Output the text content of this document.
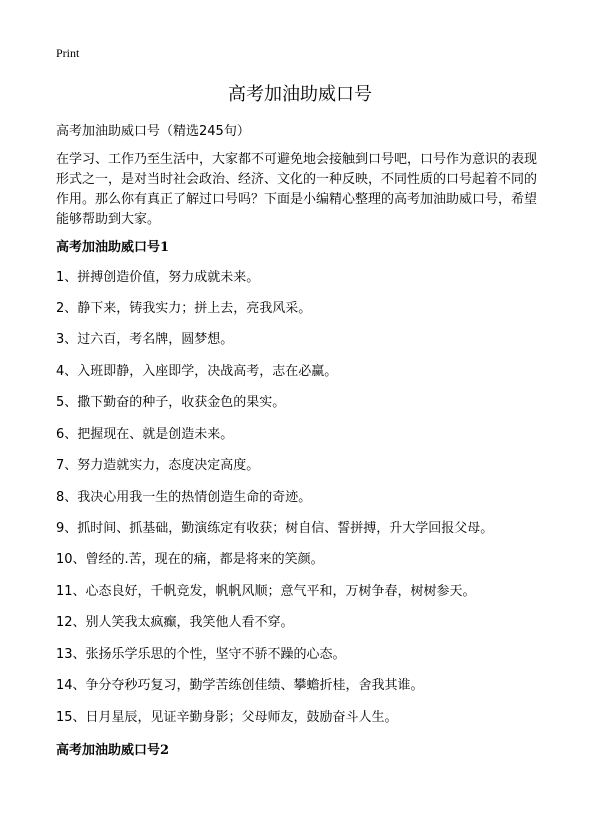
Print
高考加油助威口号
高考加油助威口号（精选245句）

在学习、工作乃至生活中，大家都不可避免地会接触到口号吧，口号作为意识的表现形式之一，是对当时社会政治、经济、文化的一种反映，不同性质的口号起着不同的作用。那么你有真正了解过口号吗？下面是小编精心整理的高考加油助威口号，希望能够帮助到大家。

高考加油助威口号1
1、拼搏创造价值，努力成就未来。
2、静下来，铸我实力；拼上去，亮我风采。
3、过六百，考名牌，圆梦想。
4、入班即静，入座即学，决战高考，志在必赢。
5、撒下勤奋的种子，收获金色的果实。
6、把握现在、就是创造未来。
7、努力造就实力，态度决定高度。
8、我决心用我一生的热情创造生命的奇迹。
9、抓时间、抓基础，勤演练定有收获；树自信、誓拼搏，升大学回报父母。
10、曾经的.苦，现在的痛，都是将来的笑颜。
11、心态良好，千帆竞发，帆帆风顺；意气平和，万树争春，树树参天。
12、别人笑我太疯癫，我笑他人看不穿。
13、张扬乐学乐思的个性，坚守不骄不躁的心态。
14、争分夺秒巧复习，勤学苦练创佳绩、攀蟾折桂，舍我其谁。
15、日月星辰，见证辛勤身影；父母师友，鼓励奋斗人生。
高考加油助威口号2
